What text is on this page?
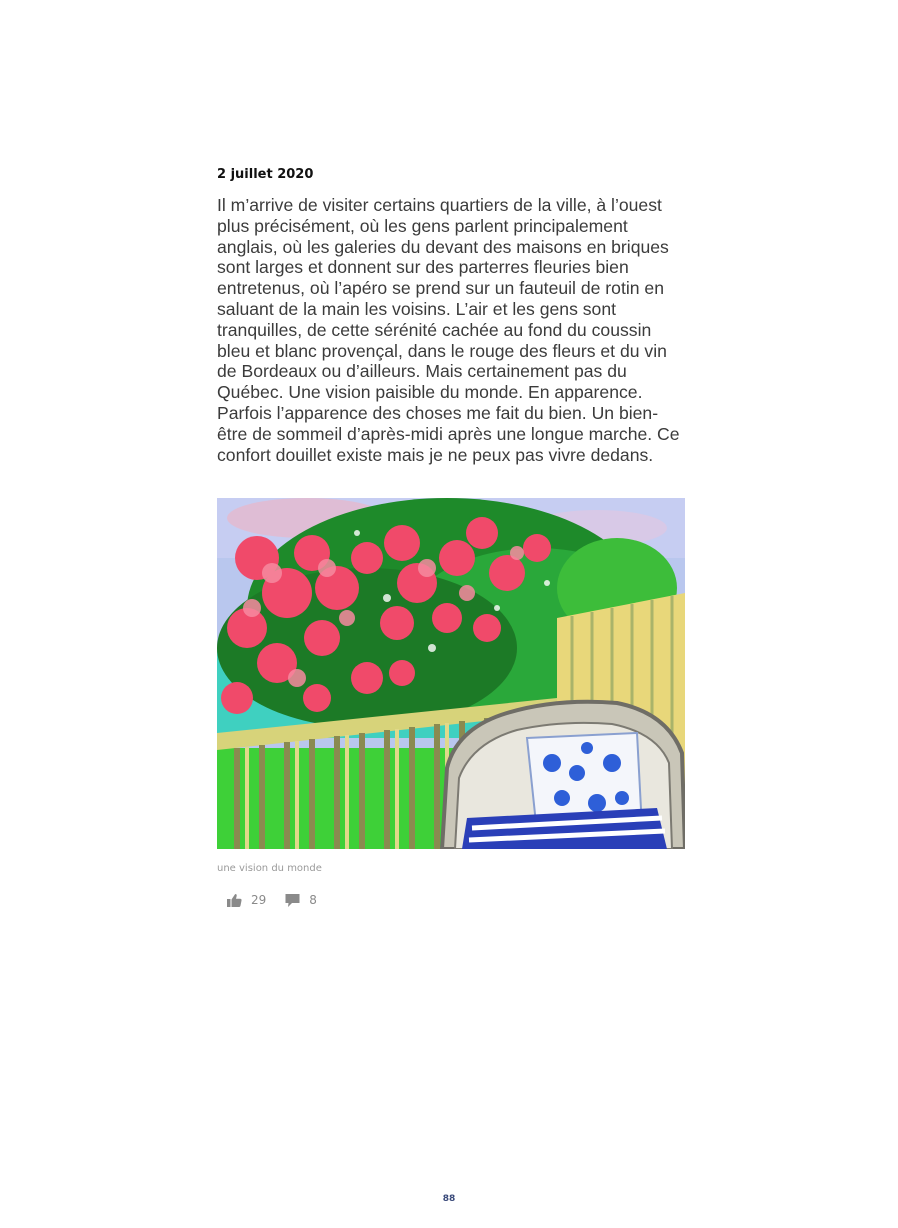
2 juillet 2020

Il m’arrive de visiter certains quartiers de la ville, à l’ouest plus précisément, où les gens parlent principalement anglais, où les galeries du devant des maisons en briques sont larges et donnent sur des parterres fleuries bien entretenus, où l’apéro se prend sur un fauteuil de rotin en saluant de la main les voisins. L’air et les gens sont tranquilles, de cette sérénité cachée au fond du coussin bleu et blanc provençal, dans le rouge des fleurs et du vin de Bordeaux ou d’ailleurs. Mais certainement pas du Québec. Une vision paisible du monde. En apparence. Parfois l’apparence des choses me fait du bien. Un bien-être de sommeil d’après-midi après une longue marche. Ce confort douillet existe mais je ne peux pas vivre dedans.

une vision du monde
29	8
88
